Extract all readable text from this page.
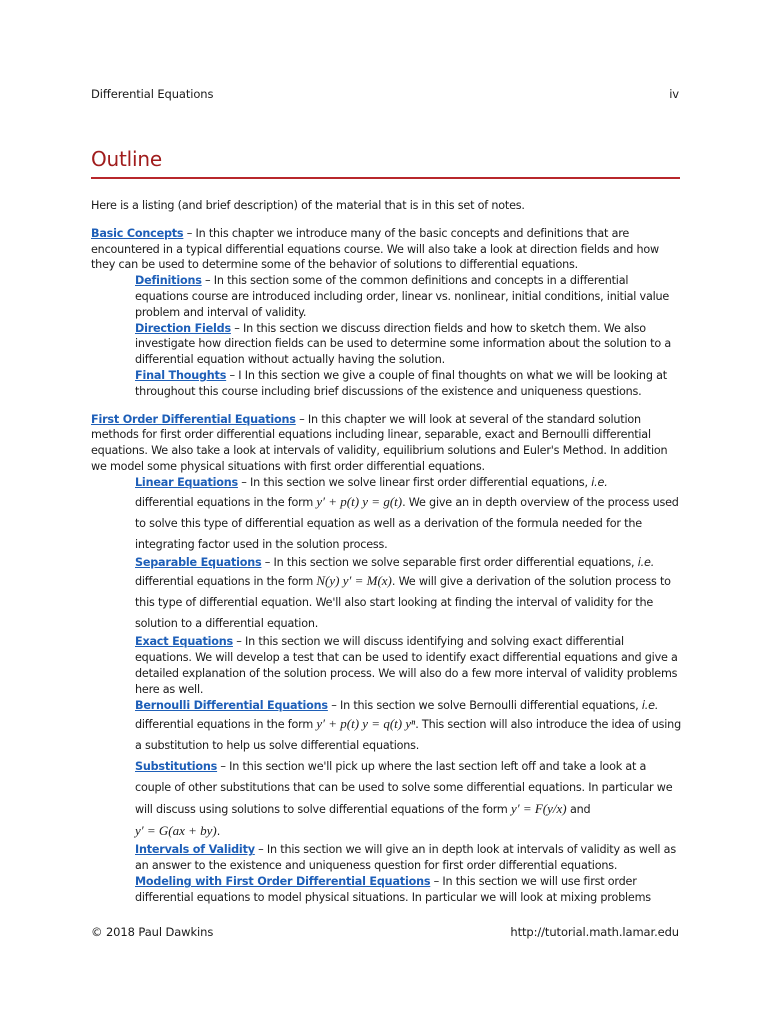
Differential Equations	iv
Outline

Here is a listing (and brief description) of the material that is in this set of notes.

Basic Concepts – In this chapter we introduce many of the basic concepts and definitions that are encountered in a typical differential equations course. We will also take a look at direction fields and how they can be used to determine some of the behavior of solutions to differential equations.
Definitions – In this section some of the common definitions and concepts in a differential equations course are introduced including order, linear vs. nonlinear, initial conditions, initial value problem and interval of validity.
Direction Fields – In this section we discuss direction fields and how to sketch them. We also investigate how direction fields can be used to determine some information about the solution to a differential equation without actually having the solution.
Final Thoughts – I In this section we give a couple of final thoughts on what we will be looking at throughout this course including brief discussions of the existence and uniqueness questions.
First Order Differential Equations – In this chapter we will look at several of the standard solution methods for first order differential equations including linear, separable, exact and Bernoulli differential equations. We also take a look at intervals of validity, equilibrium solutions and Euler's Method. In addition we model some physical situations with first order differential equations.
Linear Equations – In this section we solve linear first order differential equations, i.e.
differential equations in the form y′ + p(t) y = g(t). We give an in depth overview of the process used to solve this type of differential equation as well as a derivation of the formula needed for the integrating factor used in the solution process.
Separable Equations – In this section we solve separable first order differential equations, i.e.
differential equations in the form N(y) y′ = M(x). We will give a derivation of the solution process to this type of differential equation. We'll also start looking at finding the interval of validity for the solution to a differential equation.
Exact Equations – In this section we will discuss identifying and solving exact differential equations. We will develop a test that can be used to identify exact differential equations and give a detailed explanation of the solution process. We will also do a few more interval of validity problems here as well.
Bernoulli Differential Equations – In this section we solve Bernoulli differential equations, i.e.
differential equations in the form y′ + p(t) y = q(t) yⁿ. This section will also introduce the idea of using a substitution to help us solve differential equations.
Substitutions – In this section we'll pick up where the last section left off and take a look at a couple of other substitutions that can be used to solve some differential equations. In particular we will discuss using solutions to solve differential equations of the form y′ = F(y/x) and
y′ = G(ax + by).
Intervals of Validity – In this section we will give an in depth look at intervals of validity as well as an answer to the existence and uniqueness question for first order differential equations.
Modeling with First Order Differential Equations – In this section we will use first order differential equations to model physical situations. In particular we will look at mixing problems
© 2018 Paul Dawkins	http://tutorial.math.lamar.edu
